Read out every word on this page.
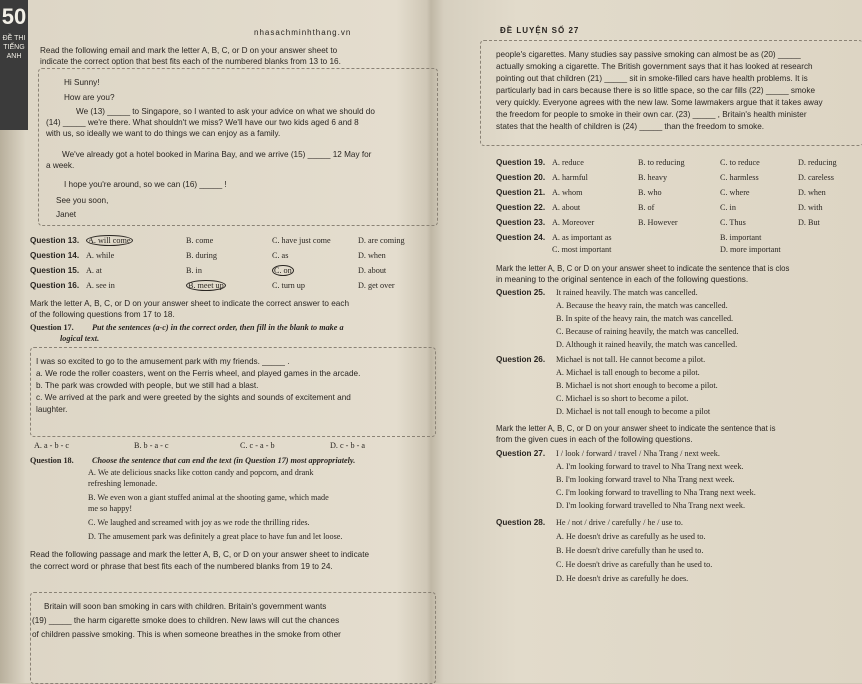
50
ĐỀ THI TIẾNG ANH
nhasachminhthang.vn
Read the following email and mark the letter A, B, C, or D on your answer sheet to
indicate the correct option that best fits each of the numbered blanks from 13 to 16.
Hi Sunny!
How are you?
We (13) _____ to Singapore, so I wanted to ask your advice on what we should do
(14) _____ we're there. What shouldn't we miss? We'll have our two kids aged 6 and 8
with us, so ideally we want to do things we can enjoy as a family.
We've already got a hotel booked in Marina Bay, and we arrive (15) _____ 12 May for
a week.
I hope you're around, so we can (16) _____ !
See you soon,
Janet
Question 13. A. will come	B. come	C. have just come	D. are coming
Question 14. A. while	B. during	C. as	D. when
Question 15. A. at	B. in	C. on	D. about
Question 16. A. see in	B. meet up	C. turn up	D. get over
Mark the letter A, B, C, or D on your answer sheet to indicate the correct answer to each
of the following questions from 17 to 18.
Question 17. Put the sentences (a-c) in the correct order, then fill in the blank to make a
logical text.
I was so excited to go to the amusement park with my friends. _____ .
a. We rode the roller coasters, went on the Ferris wheel, and played games in the arcade.
b. The park was crowded with people, but we still had a blast.
c. We arrived at the park and were greeted by the sights and sounds of excitement and
laughter.
A. a - b - c	B. b - a - c	C. c - a - b	D. c - b - a
Question 18. Choose the sentence that can end the text (in Question 17) most appropriately.
A. We ate delicious snacks like cotton candy and popcorn, and drank
refreshing lemonade.
B. We even won a giant stuffed animal at the shooting game, which made
me so happy!
C. We laughed and screamed with joy as we rode the thrilling rides.
D. The amusement park was definitely a great place to have fun and let loose.
Read the following passage and mark the letter A, B, C, or D on your answer sheet to indicate
the correct word or phrase that best fits each of the numbered blanks from 19 to 24.
Britain will soon ban smoking in cars with children. Britain's government wants
(19) _____ the harm cigarette smoke does to children. New laws will cut the chances
of children passive smoking. This is when someone breathes in the smoke from other
ĐỀ LUYỆN SỐ 27
people's cigarettes. Many studies say passive smoking can almost be as (20) _____
actually smoking a cigarette. The British government says that it has looked at research
pointing out that children (21) _____ sit in smoke-filled cars have health problems. It is
particularly bad in cars because there is so little space, so the car fills (22) _____ smoke
very quickly. Everyone agrees with the new law. Some lawmakers argue that it takes away
the freedom for people to smoke in their own car. (23) _____ , Britain's health minister
states that the health of children is (24) _____ than the freedom to smoke.
Question 19. A. reduce	B. to reducing	C. to reduce	D. reducing
Question 20. A. harmful	B. heavy	C. harmless	D. careless
Question 21. A. whom	B. who	C. where	D. when
Question 22. A. about	B. of	C. in	D. with
Question 23. A. Moreover	B. However	C. Thus	D. But
Question 24. A. as important as	B. important
C. most important	D. more important
Mark the letter A, B, C or D on your answer sheet to indicate the sentence that is clos
in meaning to the original sentence in each of the following questions.
Question 25. It rained heavily. The match was cancelled.
A. Because the heavy rain, the match was cancelled.
B. In spite of the heavy rain, the match was cancelled.
C. Because of raining heavily, the match was cancelled.
D. Although it rained heavily, the match was cancelled.
Question 26. Michael is not tall. He cannot become a pilot.
A. Michael is tall enough to become a pilot.
B. Michael is not short enough to become a pilot.
C. Michael is so short to become a pilot.
D. Michael is not tall enough to become a pilot
Mark the letter A, B, C, or D on your answer sheet to indicate the sentence that is
from the given cues in each of the following questions.
Question 27. I / look / forward / travel / Nha Trang / next week.
A. I'm looking forward to travel to Nha Trang next week.
B. I'm looking forward travel to Nha Trang next week.
C. I'm looking forward to travelling to Nha Trang next week.
D. I'm looking forward travelled to Nha Trang next week.
Question 28. He / not / drive / carefully / he / use to.
A. He doesn't drive as carefully as he used to.
B. He doesn't drive carefully than he used to.
C. He doesn't drive as carefully than he used to.
D. He doesn't drive as carefully he does.
